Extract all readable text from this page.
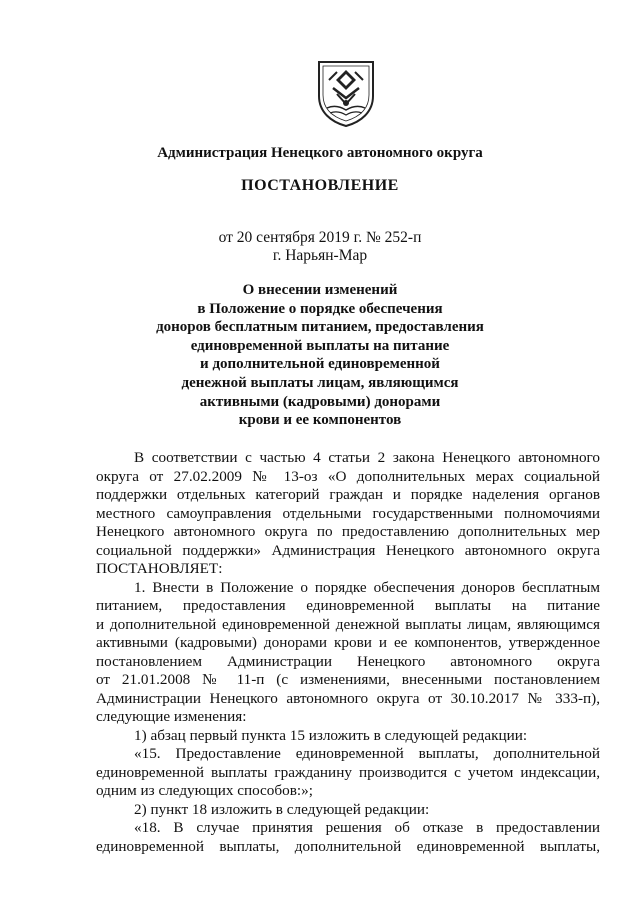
Администрация Ненецкого автономного округа
ПОСТАНОВЛЕНИЕ
от 20 сентября 2019 г. № 252-п
г. Нарьян-Мар
О внесении изменений
в Положение о порядке обеспечения
доноров бесплатным питанием, предоставления
единовременной выплаты на питание
и дополнительной единовременной
денежной выплаты лицам, являющимся
активными (кадровыми) донорами
крови и ее компонентов
В соответствии с частью 4 статьи 2 закона Ненецкого автономного
округа от 27.02.2009 № 13-оз «О дополнительных мерах социальной
поддержки отдельных категорий граждан и порядке наделения органов
местного самоуправления отдельными государственными полномочиями
Ненецкого автономного округа по предоставлению дополнительных мер
социальной поддержки» Администрация Ненецкого автономного округа
ПОСТАНОВЛЯЕТ:
1. Внести в Положение о порядке обеспечения доноров бесплатным
питанием, предоставления единовременной выплаты на питание
и дополнительной единовременной денежной выплаты лицам, являющимся
активными (кадровыми) донорами крови и ее компонентов, утвержденное
постановлением Администрации Ненецкого автономного округа
от 21.01.2008 № 11-п (с изменениями, внесенными постановлением
Администрации Ненецкого автономного округа от 30.10.2017 № 333-п),
следующие изменения:
1) абзац первый пункта 15 изложить в следующей редакции:
«15. Предоставление единовременной выплаты, дополнительной
единовременной выплаты гражданину производится с учетом индексации,
одним из следующих способов:»;
2) пункт 18 изложить в следующей редакции:
«18. В случае принятия решения об отказе в предоставлении
единовременной выплаты, дополнительной единовременной выплаты,
